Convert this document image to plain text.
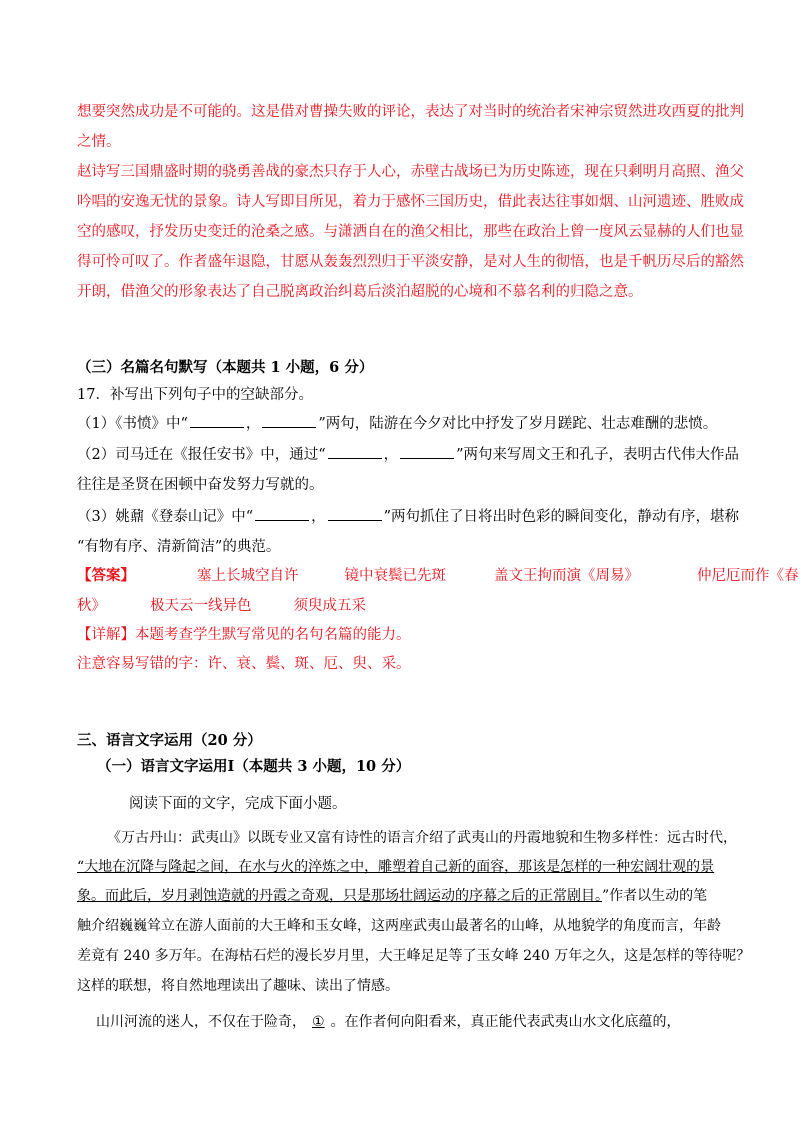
想要突然成功是不可能的。这是借对曹操失败的评论，表达了对当时的统治者宋神宗贸然进攻西夏的批判
之情。
赵诗写三国鼎盛时期的骁勇善战的豪杰只存于人心，赤壁古战场已为历史陈迹，现在只剩明月高照、渔父
吟唱的安逸无忧的景象。诗人写即目所见，着力于感怀三国历史，借此表达往事如烟、山河遗迹、胜败成
空的感叹，抒发历史变迁的沧桑之感。与潇洒自在的渔父相比，那些在政治上曾一度风云显赫的人们也显
得可怜可叹了。作者盛年退隐，甘愿从轰轰烈烈归于平淡安静，是对人生的彻悟，也是千帆历尽后的豁然
开朗，借渔父的形象表达了自己脱离政治纠葛后淡泊超脱的心境和不慕名利的归隐之意。
（三）名篇名句默写（本题共 1 小题，6 分）
17．补写出下列句子中的空缺部分。
（1）《书愤》中“	，	”两句，陆游在今夕对比中抒发了岁月蹉跎、壮志难酬的悲愤。
（2）司马迁在《报任安书》中，通过“	，	”两句来写周文王和孔子，表明古代伟大作品
往往是圣贤在困顿中奋发努力写就的。
（3）姚鼐《登泰山记》中“	，	”两句抓住了日将出时色彩的瞬间变化，静动有序，堪称
“有物有序、清新简洁”的典范。
【答案】	塞上长城空自许	镜中衰鬓已先斑	盖文王拘而演《周易》	仲尼厄而作《春
秋》	极天云一线异色	须臾成五采
【详解】本题考查学生默写常见的名句名篇的能力。
注意容易写错的字：许、衰、鬓、斑、厄、臾、采。
三、语言文字运用（20 分）
（一）语言文字运用Ⅰ（本题共 3 小题，10 分）
阅读下面的文字，完成下面小题。
《万古丹山：武夷山》以既专业又富有诗性的语言介绍了武夷山的丹霞地貌和生物多样性：远古时代，
“大地在沉降与隆起之间，在水与火的淬炼之中，雕塑着自己新的面容，那该是怎样的一种宏阔壮观的景
象。而此后，岁月剥蚀造就的丹霞之奇观，只是那场壮阔运动的序幕之后的正常剧目。”作者以生动的笔
触介绍巍巍耸立在游人面前的大王峰和玉女峰，这两座武夷山最著名的山峰，从地貌学的角度而言，年龄
差竟有 240 多万年。在海枯石烂的漫长岁月里，大王峰足足等了玉女峰 240 万年之久，这是怎样的等待呢？
这样的联想，将自然地理读出了趣味、读出了情感。
山川河流的迷人，不仅在于险奇， ① 。在作者何向阳看来，真正能代表武夷山水文化底蕴的，
